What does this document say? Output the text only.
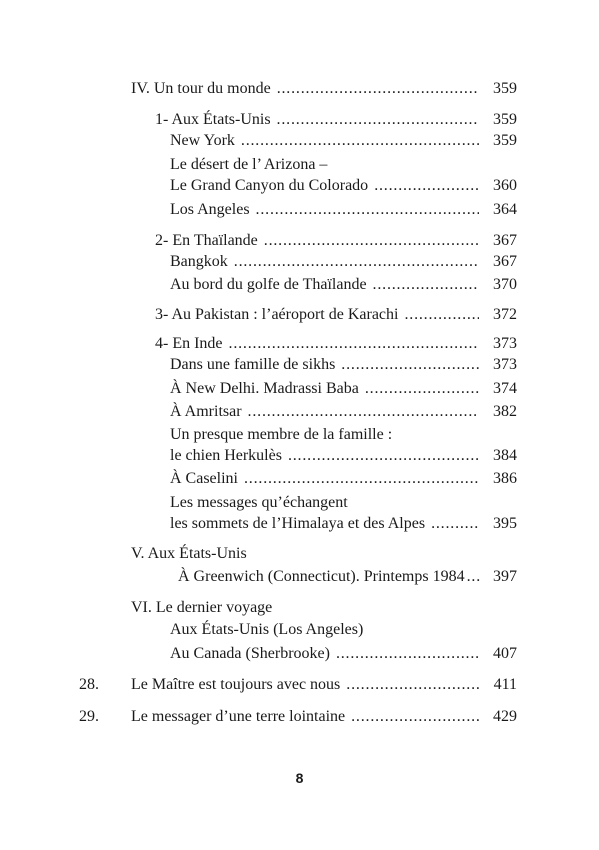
IV. Un tour du monde . . .	359
1- Aux États-Unis . . .	359
New York . . .	359
Le désert de l’ Arizona –
Le Grand Canyon du Colorado . . .	360
Los Angeles . . .	364
2- En Thaïlande . . .	367
Bangkok . . .	367
Au bord du golfe de Thaïlande . . .	370
3- Au Pakistan : l’aéroport de Karachi . . .	372
4- En Inde . . .	373
Dans une famille de sikhs . . .	373
À New Delhi. Madrassi Baba . . .	374
À Amritsar . . .	382
Un presque membre de la famille :
le chien Herkulès . . .	384
À Caselini . . .	386
Les messages qu’échangent
les sommets de l’Himalaya et des Alpes . . .	395
V. Aux États-Unis
À Greenwich (Connecticut). Printemps 1984 . . .	397
VI. Le dernier voyage
Aux États-Unis (Los Angeles)
Au Canada (Sherbrooke) . . .	407
28. Le Maître est toujours avec nous . . .	411
29. Le messager d’une terre lointaine . . .	429
8
